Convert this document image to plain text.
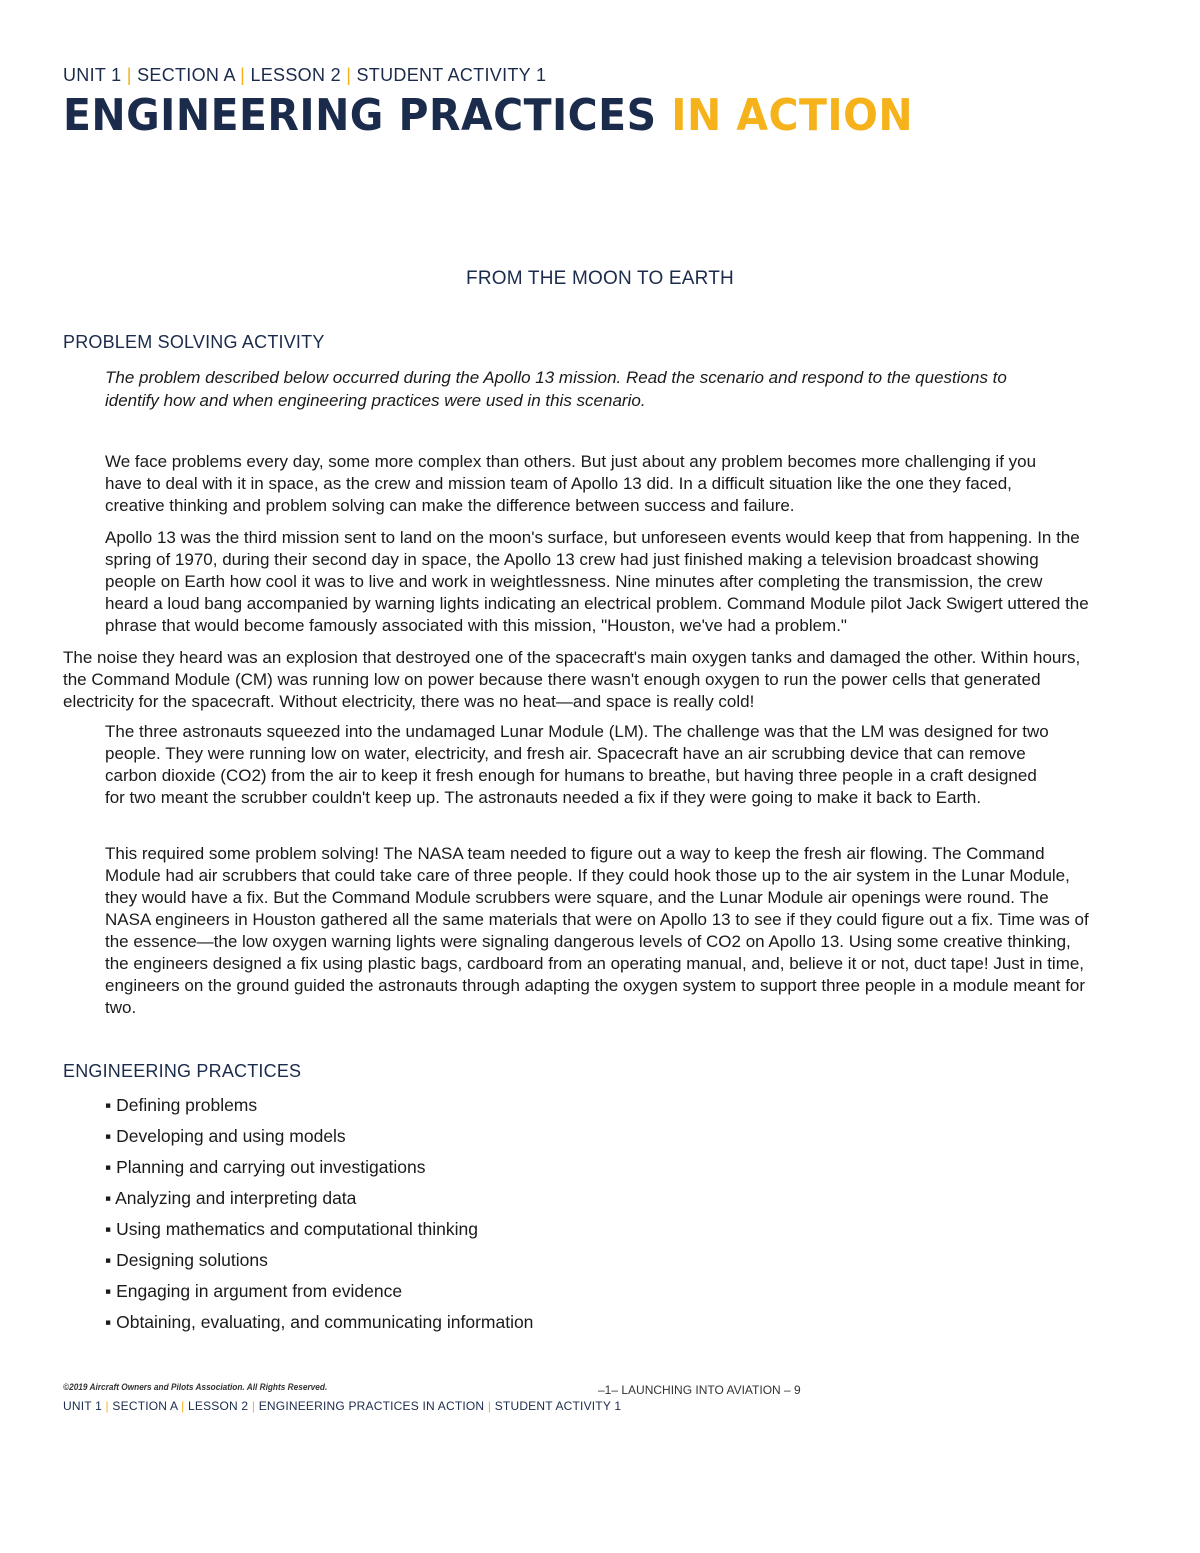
UNIT 1 | SECTION A | LESSON 2 | STUDENT ACTIVITY 1
ENGINEERING PRACTICES IN ACTION
FROM THE MOON TO EARTH
PROBLEM SOLVING ACTIVITY
The problem described below occurred during the Apollo 13 mission. Read the scenario and respond to the questions to identify how and when engineering practices were used in this scenario.
We face problems every day, some more complex than others. But just about any problem becomes more challenging if you have to deal with it in space, as the crew and mission team of Apollo 13 did. In a difficult situation like the one they faced, creative thinking and problem solving can make the difference between success and failure.
Apollo 13 was the third mission sent to land on the moon's surface, but unforeseen events would keep that from happening. In the spring of 1970, during their second day in space, the Apollo 13 crew had just finished making a television broadcast showing people on Earth how cool it was to live and work in weightlessness. Nine minutes after completing the transmission, the crew heard a loud bang accompanied by warning lights indicating an electrical problem. Command Module pilot Jack Swigert uttered the phrase that would become famously associated with this mission, "Houston, we've had a problem."
The noise they heard was an explosion that destroyed one of the spacecraft's main oxygen tanks and damaged the other. Within hours, the Command Module (CM) was running low on power because there wasn't enough oxygen to run the power cells that generated electricity for the spacecraft. Without electricity, there was no heat—and space is really cold!
The three astronauts squeezed into the undamaged Lunar Module (LM). The challenge was that the LM was designed for two people. They were running low on water, electricity, and fresh air. Spacecraft have an air scrubbing device that can remove carbon dioxide (CO2) from the air to keep it fresh enough for humans to breathe, but having three people in a craft designed for two meant the scrubber couldn't keep up. The astronauts needed a fix if they were going to make it back to Earth.
This required some problem solving! The NASA team needed to figure out a way to keep the fresh air flowing. The Command Module had air scrubbers that could take care of three people. If they could hook those up to the air system in the Lunar Module, they would have a fix. But the Command Module scrubbers were square, and the Lunar Module air openings were round. The NASA engineers in Houston gathered all the same materials that were on Apollo 13 to see if they could figure out a fix. Time was of the essence—the low oxygen warning lights were signaling dangerous levels of CO2 on Apollo 13. Using some creative thinking, the engineers designed a fix using plastic bags, cardboard from an operating manual, and, believe it or not, duct tape! Just in time, engineers on the ground guided the astronauts through adapting the oxygen system to support three people in a module meant for two.
ENGINEERING PRACTICES
▪ Defining problems
▪ Developing and using models
▪ Planning and carrying out investigations
▪ Analyzing and interpreting data
▪ Using mathematics and computational thinking
▪ Designing solutions
▪ Engaging in argument from evidence
▪ Obtaining, evaluating, and communicating information
©2019 Aircraft Owners and Pilots Association. All Rights Reserved.	–1– LAUNCHING INTO AVIATION – 9
UNIT 1 | SECTION A | LESSON 2 | ENGINEERING PRACTICES IN ACTION | STUDENT ACTIVITY 1
